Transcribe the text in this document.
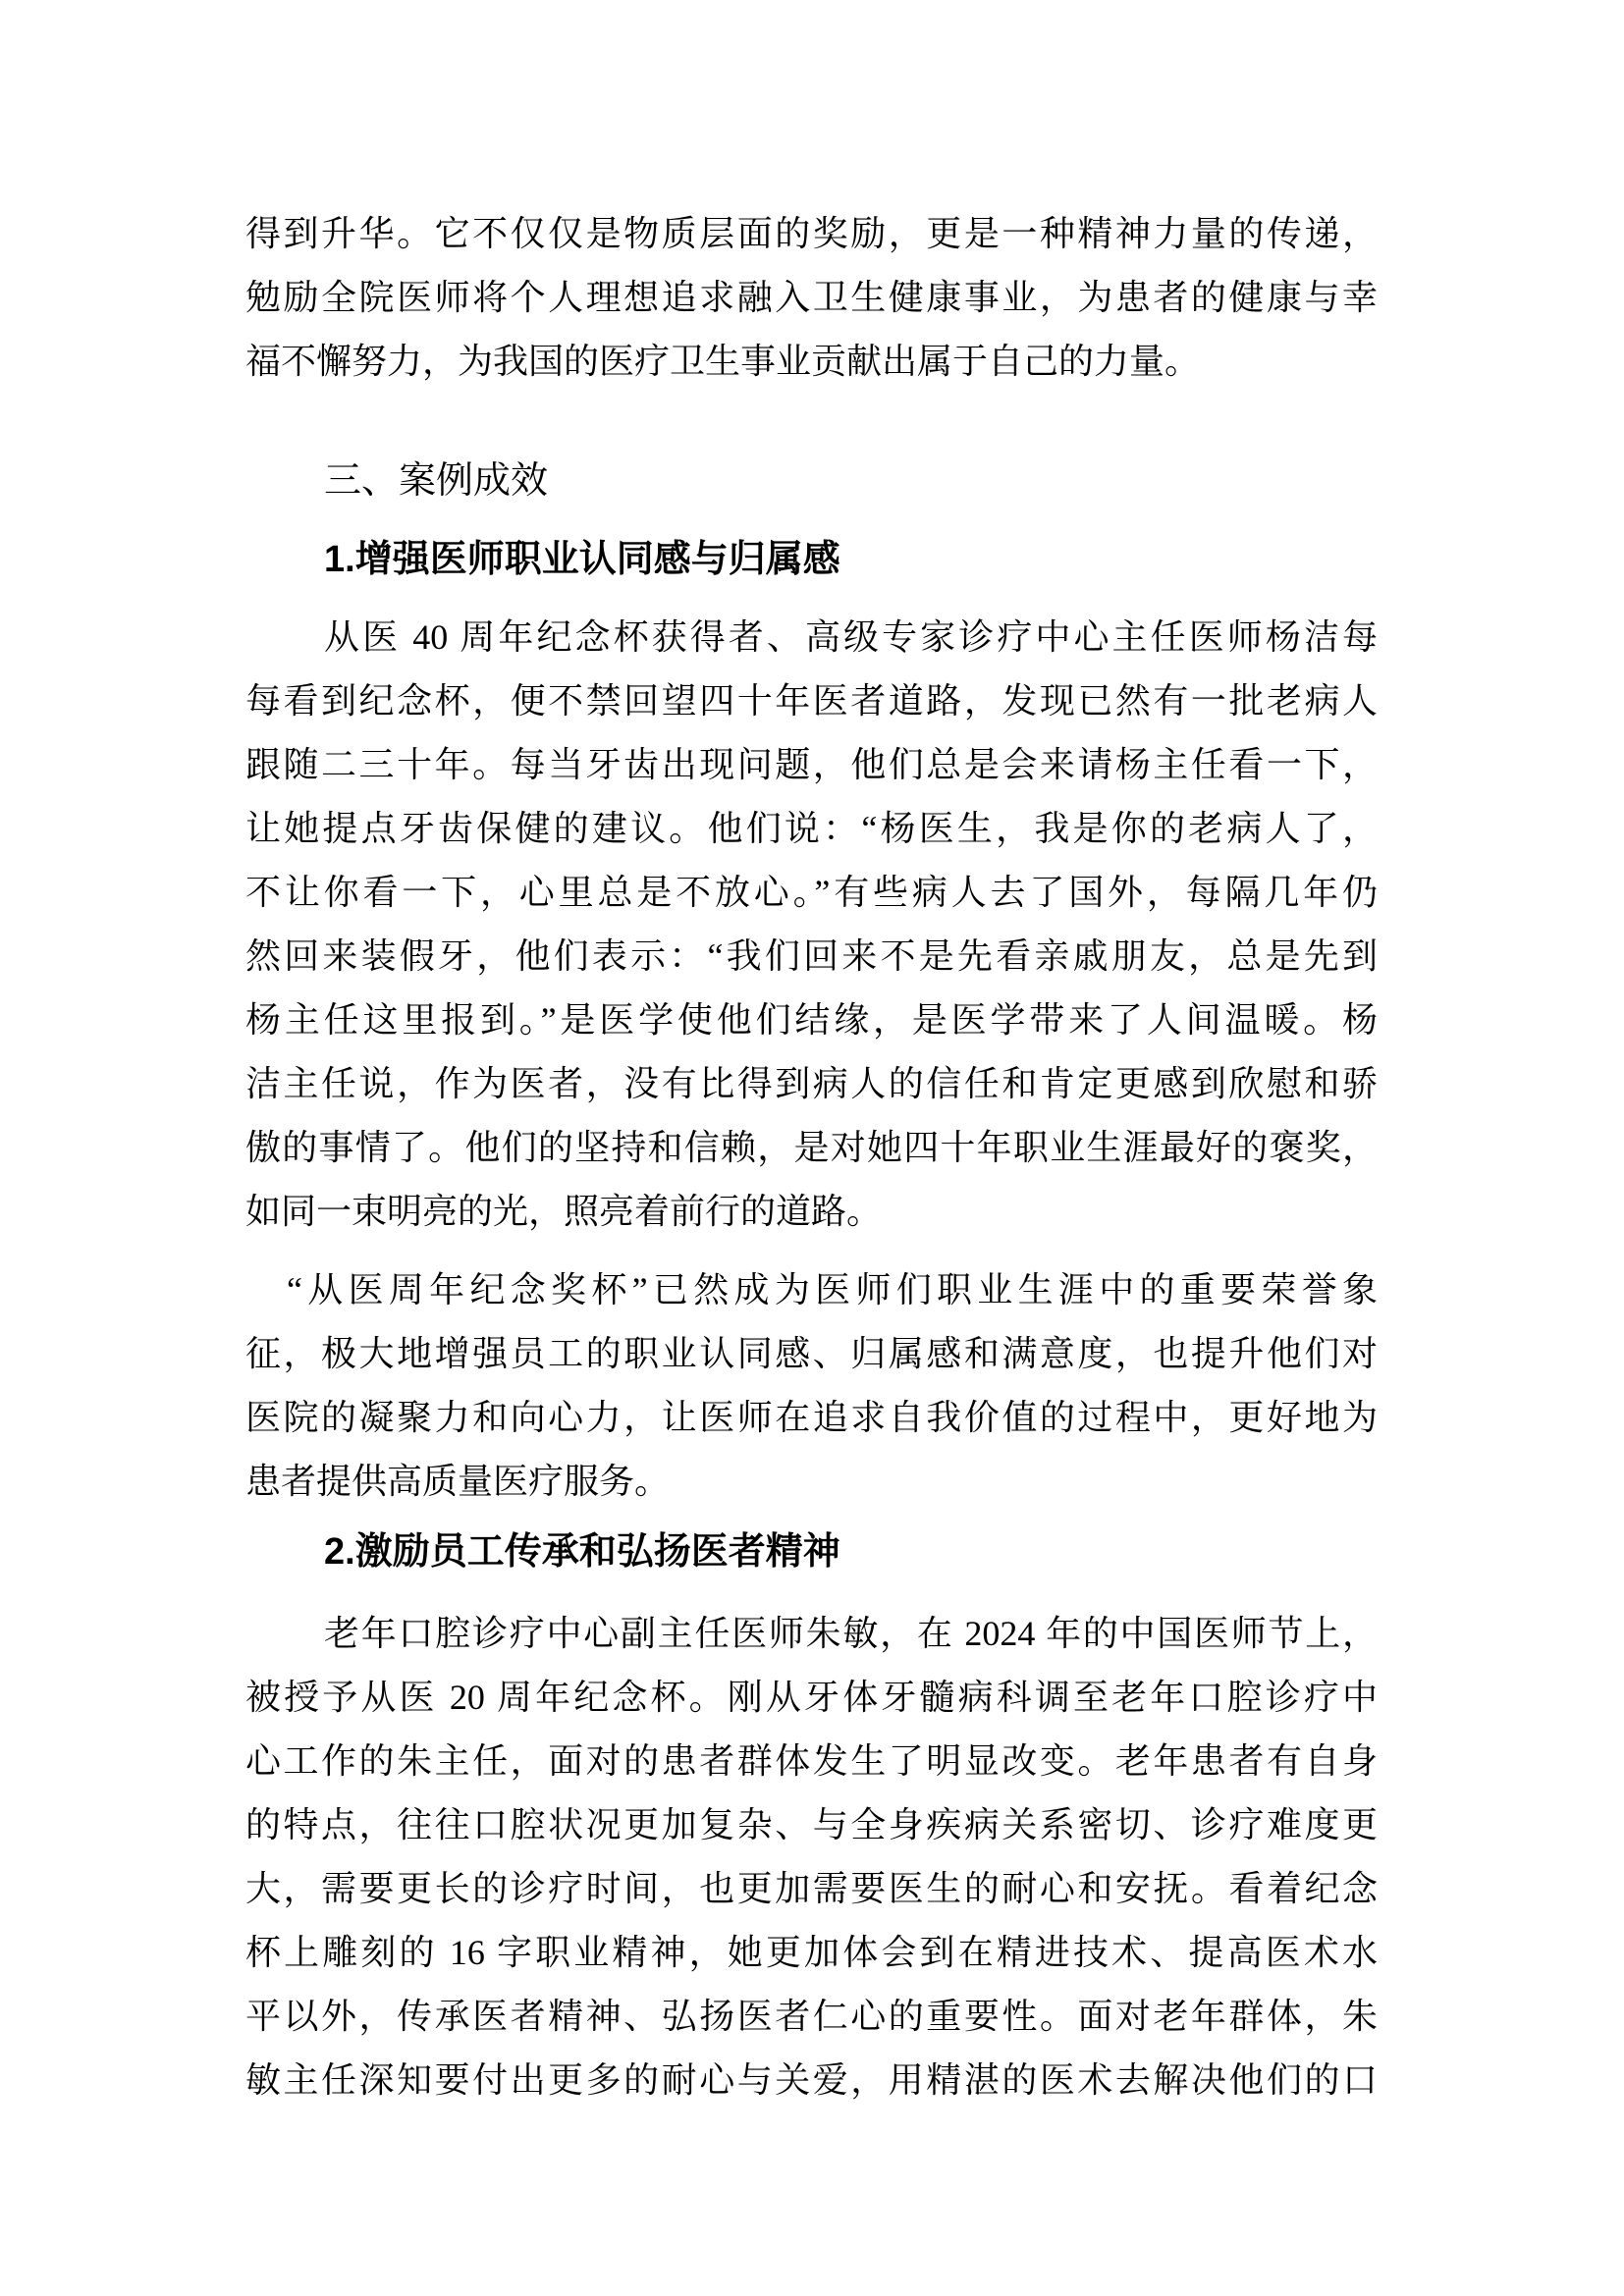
得到升华。它不仅仅是物质层面的奖励，更是一种精神力量的传递，
勉励全院医师将个人理想追求融入卫生健康事业，为患者的健康与幸
福不懈努力，为我国的医疗卫生事业贡献出属于自己的力量。
三、案例成效
1.增强医师职业认同感与归属感
从医 40 周年纪念杯获得者、高级专家诊疗中心主任医师杨洁每
每看到纪念杯，便不禁回望四十年医者道路，发现已然有一批老病人
跟随二三十年。每当牙齿出现问题，他们总是会来请杨主任看一下，
让她提点牙齿保健的建议。他们说：“杨医生，我是你的老病人了，
不让你看一下，心里总是不放心。”有些病人去了国外，每隔几年仍
然回来装假牙，他们表示：“我们回来不是先看亲戚朋友，总是先到
杨主任这里报到。”是医学使他们结缘，是医学带来了人间温暖。杨
洁主任说，作为医者，没有比得到病人的信任和肯定更感到欣慰和骄
傲的事情了。他们的坚持和信赖，是对她四十年职业生涯最好的褒奖，
如同一束明亮的光，照亮着前行的道路。
“从医周年纪念奖杯”已然成为医师们职业生涯中的重要荣誉象
征，极大地增强员工的职业认同感、归属感和满意度，也提升他们对
医院的凝聚力和向心力，让医师在追求自我价值的过程中，更好地为
患者提供高质量医疗服务。
2.激励员工传承和弘扬医者精神
老年口腔诊疗中心副主任医师朱敏，在 2024 年的中国医师节上，
被授予从医 20 周年纪念杯。刚从牙体牙髓病科调至老年口腔诊疗中
心工作的朱主任，面对的患者群体发生了明显改变。老年患者有自身
的特点，往往口腔状况更加复杂、与全身疾病关系密切、诊疗难度更
大，需要更长的诊疗时间，也更加需要医生的耐心和安抚。看着纪念
杯上雕刻的 16 字职业精神，她更加体会到在精进技术、提高医术水
平以外，传承医者精神、弘扬医者仁心的重要性。面对老年群体，朱
敏主任深知要付出更多的耐心与关爱，用精湛的医术去解决他们的口
